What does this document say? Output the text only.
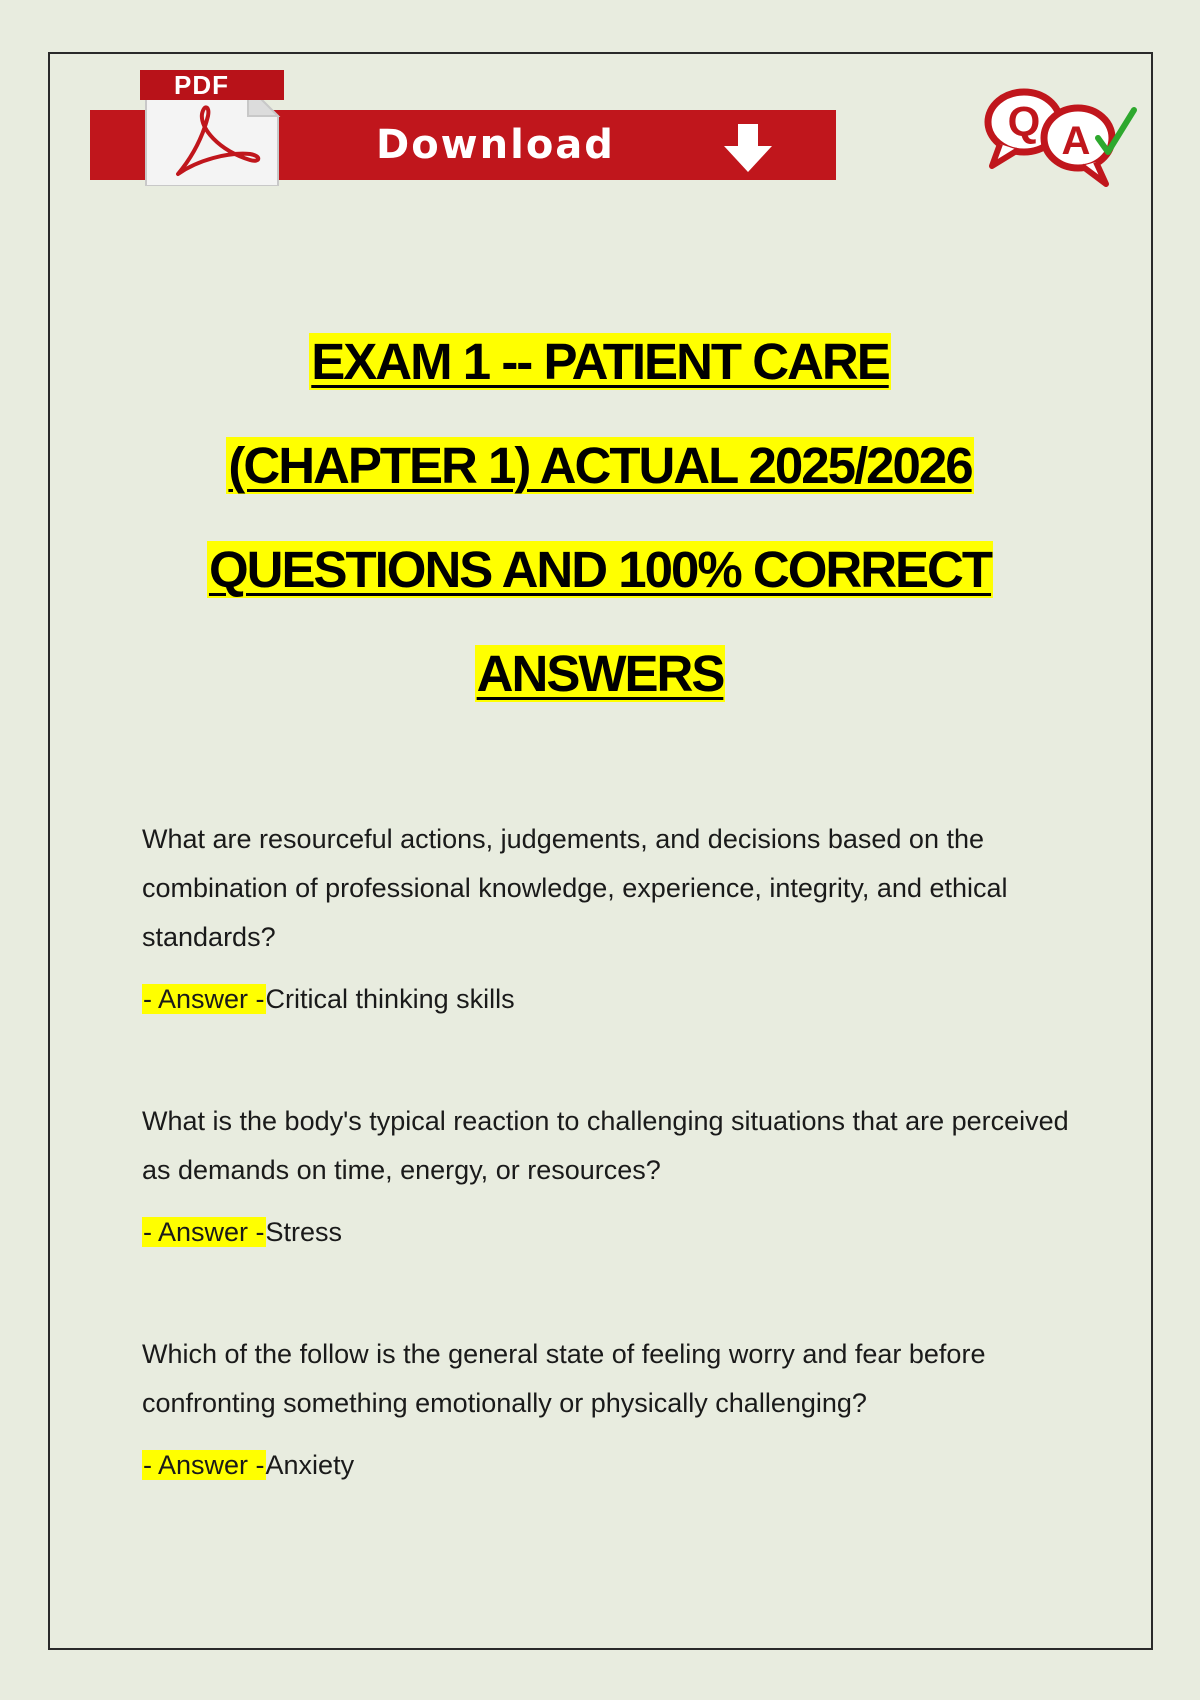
PDF
Download	Q A
EXAM 1 -- PATIENT CARE
(CHAPTER 1) ACTUAL 2025/2026
QUESTIONS AND 100% CORRECT
ANSWERS
What are resourceful actions, judgements, and decisions based on the combination of professional knowledge, experience, integrity, and ethical standards?
- Answer -Critical thinking skills
What is the body's typical reaction to challenging situations that are perceived as demands on time, energy, or resources?
- Answer -Stress
Which of the follow is the general state of feeling worry and fear before confronting something emotionally or physically challenging?
- Answer -Anxiety
